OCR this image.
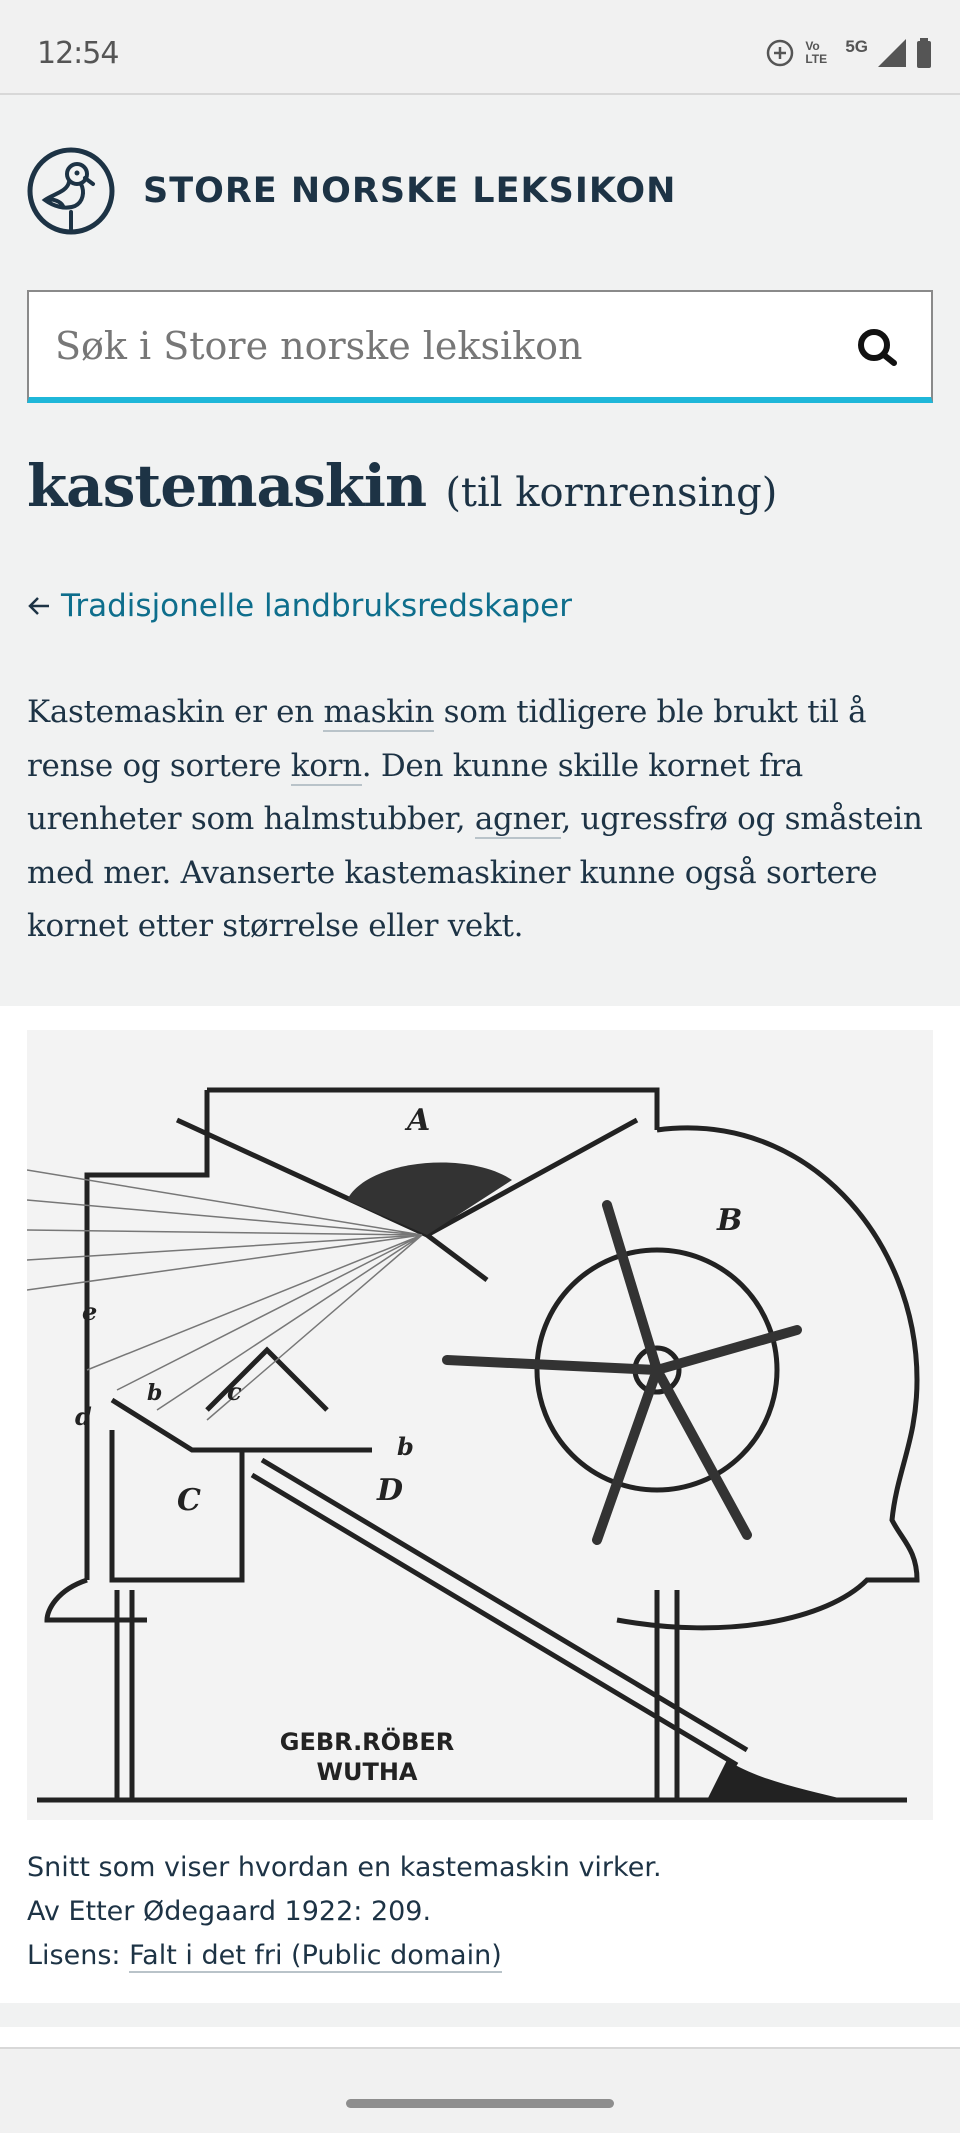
12:54	Vo LTE
5G
STORE NORSKE LEKSIKON
Søk i Store norske leksikon
kastemaskin (til kornrensing)
Tradisjonelle landbruksredskaper

Kastemaskin er en maskin som tidligere ble brukt til å rense og sortere korn. Den kunne skille kornet fra urenheter som halmstubber, agner, ugressfrø og småstein med mer. Avanserte kastemaskiner kunne også sortere kornet etter størrelse eller vekt.

A
B
C	D
b	c
d
e
b
GEBR.RÖBER
WUTHA
Snitt som viser hvordan en kastemaskin virker.
Av Etter Ødegaard 1922: 209.
Lisens: Falt i det fri (Public domain)
